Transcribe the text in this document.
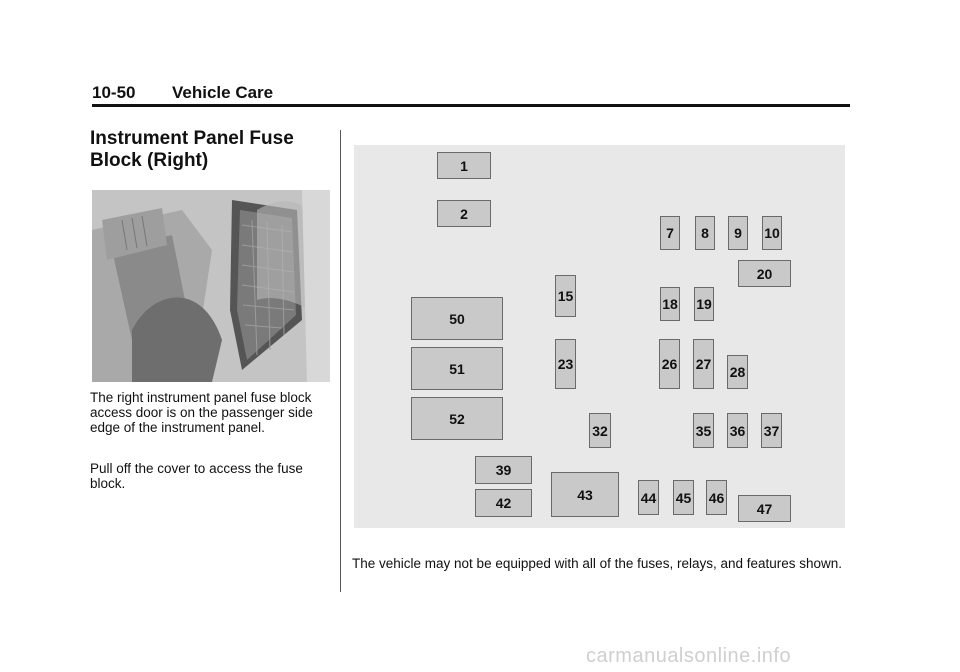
10-50 Vehicle Care
Instrument Panel Fuse Block (Right)

The right instrument panel fuse block access door is on the passenger side edge of the instrument panel.

Pull off the cover to access the fuse block.

1
2
7	8	9	10
20
15	18 19
50
51
52
23	26 27 28
32	35 36 37
39
42
43	44 45 46
47

The vehicle may not be equipped with all of the fuses, relays, and features shown.

carmanualsonline.info
